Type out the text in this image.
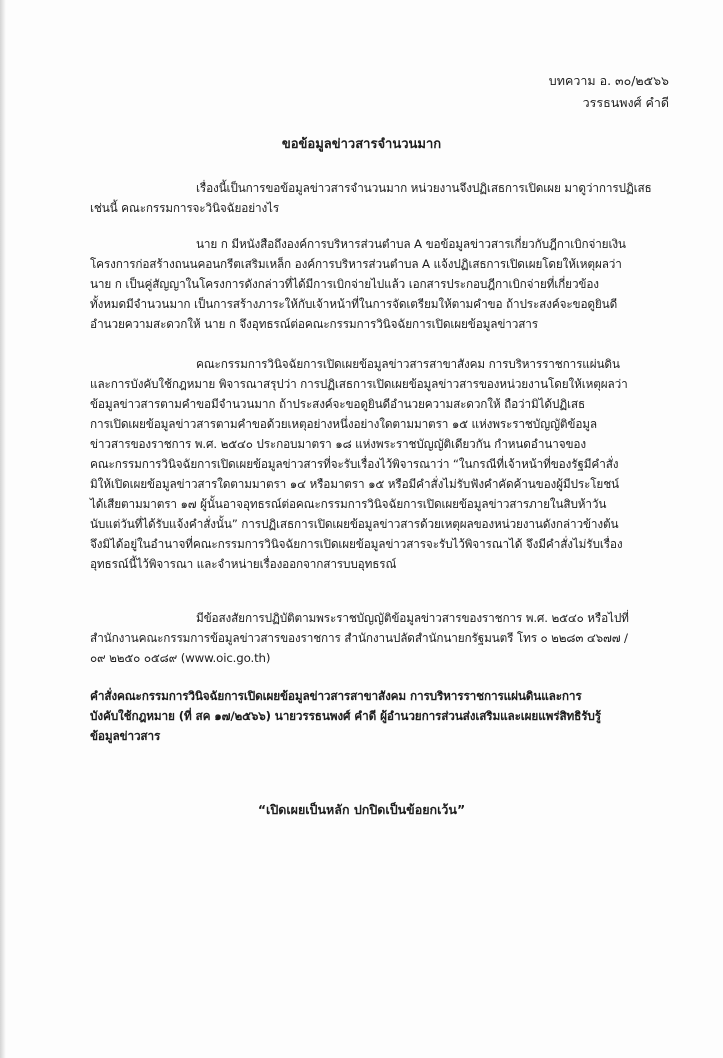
บทความ อ. ๓๐/๒๕๖๖
วรรธนพงศ์ คำดี
ขอข้อมูลข่าวสารจำนวนมาก
เรื่องนี้เป็นการขอข้อมูลข่าวสารจำนวนมาก หน่วยงานจึงปฏิเสธการเปิดเผย มาดูว่าการปฏิเสธ
เช่นนี้ คณะกรรมการจะวินิจฉัยอย่างไร
นาย ก มีหนังสือถึงองค์การบริหารส่วนตำบล A ขอข้อมูลข่าวสารเกี่ยวกับฎีกาเบิกจ่ายเงิน
โครงการก่อสร้างถนนคอนกรีตเสริมเหล็ก องค์การบริหารส่วนตำบล A แจ้งปฏิเสธการเปิดเผยโดยให้เหตุผลว่า
นาย ก เป็นคู่สัญญาในโครงการดังกล่าวที่ได้มีการเบิกจ่ายไปแล้ว เอกสารประกอบฎีกาเบิกจ่ายที่เกี่ยวข้อง
ทั้งหมดมีจำนวนมาก เป็นการสร้างภาระให้กับเจ้าหน้าที่ในการจัดเตรียมให้ตามคำขอ ถ้าประสงค์จะขอดูยินดี
อำนวยความสะดวกให้ นาย ก จึงอุทธรณ์ต่อคณะกรรมการวินิจฉัยการเปิดเผยข้อมูลข่าวสาร
คณะกรรมการวินิจฉัยการเปิดเผยข้อมูลข่าวสารสาขาสังคม การบริหารราชการแผ่นดิน
และการบังคับใช้กฎหมาย พิจารณาสรุปว่า การปฏิเสธการเปิดเผยข้อมูลข่าวสารของหน่วยงานโดยให้เหตุผลว่า
ข้อมูลข่าวสารตามคำขอมีจำนวนมาก ถ้าประสงค์จะขอดูยินดีอำนวยความสะดวกให้ ถือว่ามิได้ปฏิเสธ
การเปิดเผยข้อมูลข่าวสารตามคำขอด้วยเหตุอย่างหนึ่งอย่างใดตามมาตรา ๑๕ แห่งพระราชบัญญัติข้อมูล
ข่าวสารของราชการ พ.ศ. ๒๕๔๐ ประกอบมาตรา ๑๘ แห่งพระราชบัญญัติเดียวกัน กำหนดอำนาจของ
คณะกรรมการวินิจฉัยการเปิดเผยข้อมูลข่าวสารที่จะรับเรื่องไว้พิจารณาว่า “ในกรณีที่เจ้าหน้าที่ของรัฐมีคำสั่ง
มิให้เปิดเผยข้อมูลข่าวสารใดตามมาตรา ๑๔ หรือมาตรา ๑๕ หรือมีคำสั่งไม่รับฟังคำคัดค้านของผู้มีประโยชน์
ได้เสียตามมาตรา ๑๗ ผู้นั้นอาจอุทธรณ์ต่อคณะกรรมการวินิจฉัยการเปิดเผยข้อมูลข่าวสารภายในสิบห้าวัน
นับแต่วันที่ได้รับแจ้งคำสั่งนั้น” การปฏิเสธการเปิดเผยข้อมูลข่าวสารด้วยเหตุผลของหน่วยงานดังกล่าวข้างต้น
จึงมิได้อยู่ในอำนาจที่คณะกรรมการวินิจฉัยการเปิดเผยข้อมูลข่าวสารจะรับไว้พิจารณาได้ จึงมีคำสั่งไม่รับเรื่อง
อุทธรณ์นี้ไว้พิจารณา และจำหน่ายเรื่องออกจากสารบบอุทธรณ์
มีข้อสงสัยการปฏิบัติตามพระราชบัญญัติข้อมูลข่าวสารของราชการ พ.ศ. ๒๕๔๐ หรือไปที่
สำนักงานคณะกรรมการข้อมูลข่าวสารของราชการ สำนักงานปลัดสำนักนายกรัฐมนตรี โทร ๐ ๒๒๘๓ ๔๖๗๗ /
๐๙ ๒๒๕๐ ๐๕๘๙ (www.oic.go.th)
คำสั่งคณะกรรมการวินิจฉัยการเปิดเผยข้อมูลข่าวสารสาขาสังคม การบริหารราชการแผ่นดินและการ
บังคับใช้กฎหมาย (ที่ สค ๑๗/๒๕๖๖) นายวรรธนพงศ์ คำดี ผู้อำนวยการส่วนส่งเสริมและเผยแพร่สิทธิรับรู้
ข้อมูลข่าวสาร
“เปิดเผยเป็นหลัก ปกปิดเป็นข้อยกเว้น”
